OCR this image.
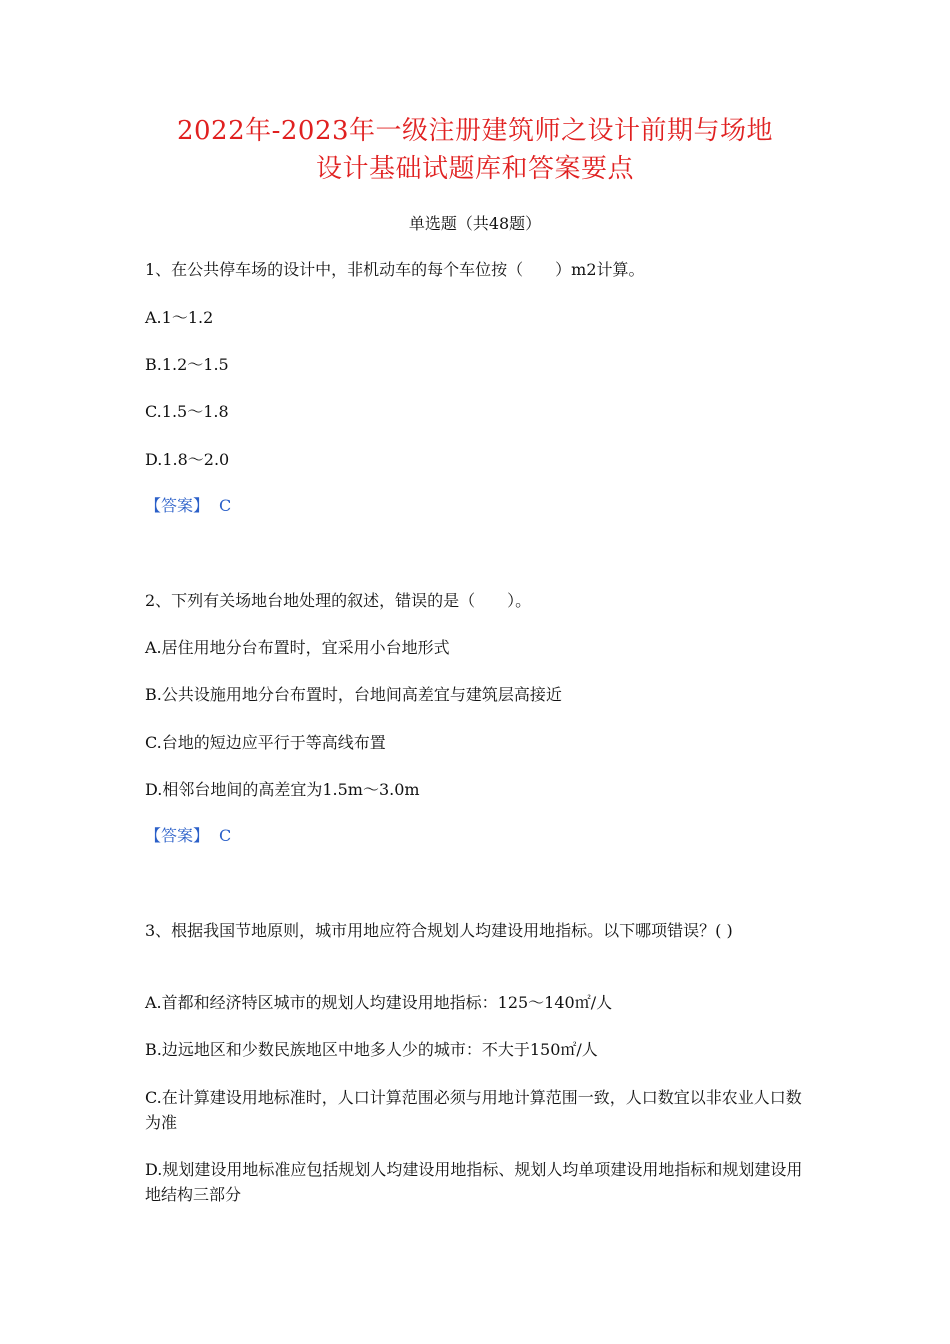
2022年-2023年一级注册建筑师之设计前期与场地
设计基础试题库和答案要点
单选题（共48题）
1、在公共停车场的设计中，非机动车的每个车位按（　　）m2计算。
A.1～1.2
B.1.2～1.5
C.1.5～1.8
D.1.8～2.0
【答案】 C
2、下列有关场地台地处理的叙述，错误的是（　　）。
A.居住用地分台布置时，宜采用小台地形式
B.公共设施用地分台布置时，台地间高差宜与建筑层高接近
C.台地的短边应平行于等高线布置
D.相邻台地间的高差宜为1.5m～3.0m
【答案】 C
3、根据我国节地原则，城市用地应符合规划人均建设用地指标。以下哪项错误？( )
A.首都和经济特区城市的规划人均建设用地指标：125～140㎡/人
B.边远地区和少数民族地区中地多人少的城市：不大于150㎡/人
C.在计算建设用地标准时，人口计算范围必须与用地计算范围一致，人口数宜以非农业人口数为准
D.规划建设用地标准应包括规划人均建设用地指标、规划人均单项建设用地指标和规划建设用地结构三部分
